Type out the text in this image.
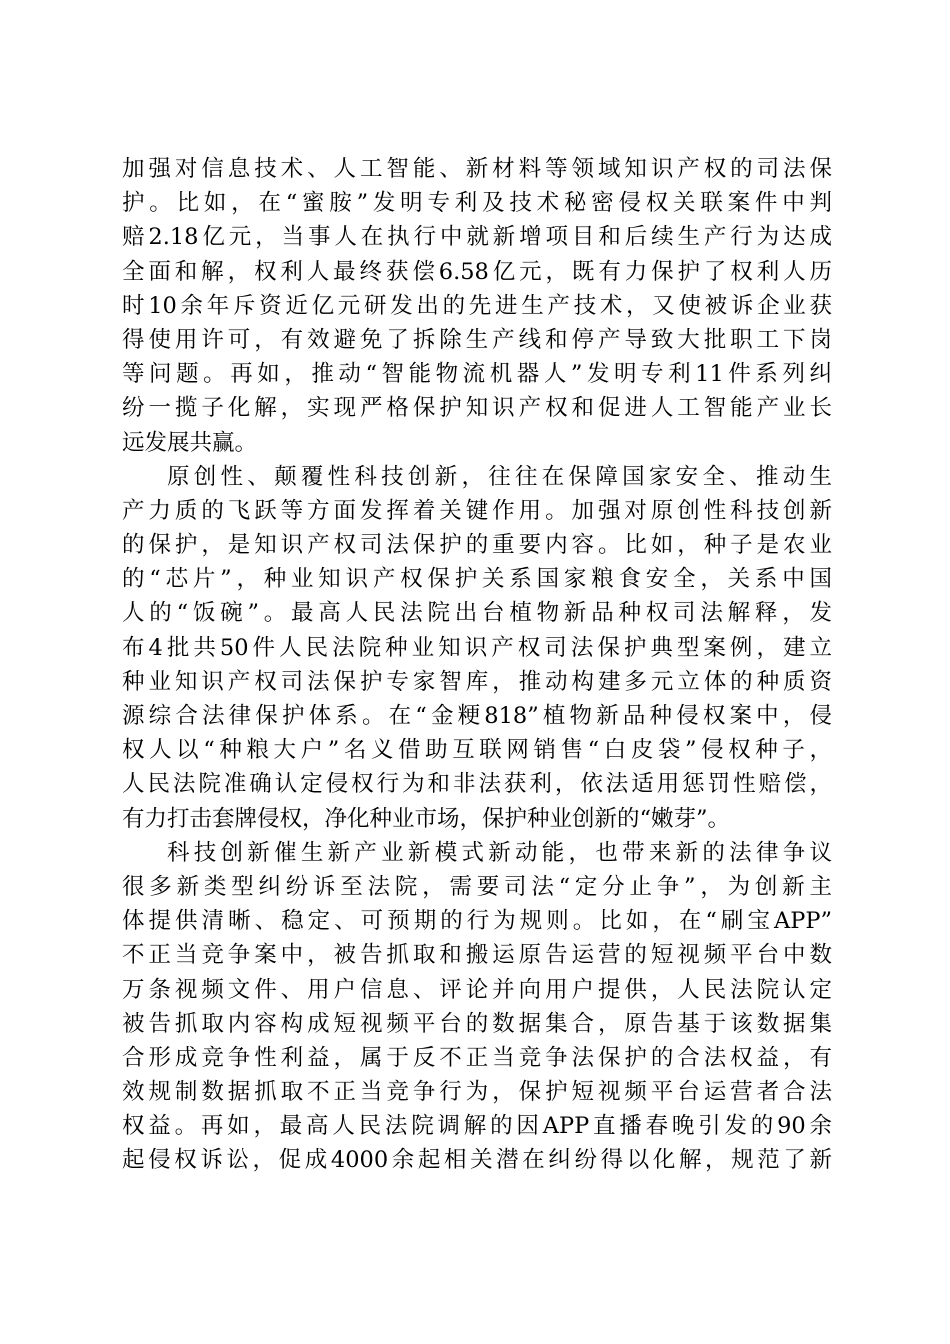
加强对信息技术、人工智能、新材料等领域知识产权的司法保
护。比如，在“蜜胺”发明专利及技术秘密侵权关联案件中判
赔2.18亿元，当事人在执行中就新增项目和后续生产行为达成
全面和解，权利人最终获偿6.58亿元，既有力保护了权利人历
时10余年斥资近亿元研发出的先进生产技术，又使被诉企业获
得使用许可，有效避免了拆除生产线和停产导致大批职工下岗
等问题。再如，推动“智能物流机器人”发明专利11件系列纠
纷一揽子化解，实现严格保护知识产权和促进人工智能产业长
远发展共赢。
原创性、颠覆性科技创新，往往在保障国家安全、推动生
产力质的飞跃等方面发挥着关键作用。加强对原创性科技创新
的保护，是知识产权司法保护的重要内容。比如，种子是农业
的“芯片”，种业知识产权保护关系国家粮食安全，关系中国
人的“饭碗”。最高人民法院出台植物新品种权司法解释，发
布4批共50件人民法院种业知识产权司法保护典型案例，建立
种业知识产权司法保护专家智库，推动构建多元立体的种质资
源综合法律保护体系。在“金粳818”植物新品种侵权案中，侵
权人以“种粮大户”名义借助互联网销售“白皮袋”侵权种子，
人民法院准确认定侵权行为和非法获利，依法适用惩罚性赔偿，
有力打击套牌侵权，净化种业市场，保护种业创新的“嫩芽”。
科技创新催生新产业新模式新动能，也带来新的法律争议
很多新类型纠纷诉至法院，需要司法“定分止争”，为创新主
体提供清晰、稳定、可预期的行为规则。比如，在“刷宝APP”
不正当竞争案中，被告抓取和搬运原告运营的短视频平台中数
万条视频文件、用户信息、评论并向用户提供，人民法院认定
被告抓取内容构成短视频平台的数据集合，原告基于该数据集
合形成竞争性利益，属于反不正当竞争法保护的合法权益，有
效规制数据抓取不正当竞争行为，保护短视频平台运营者合法
权益。再如，最高人民法院调解的因APP直播春晚引发的90余
起侵权诉讼，促成4000余起相关潜在纠纷得以化解，规范了新
